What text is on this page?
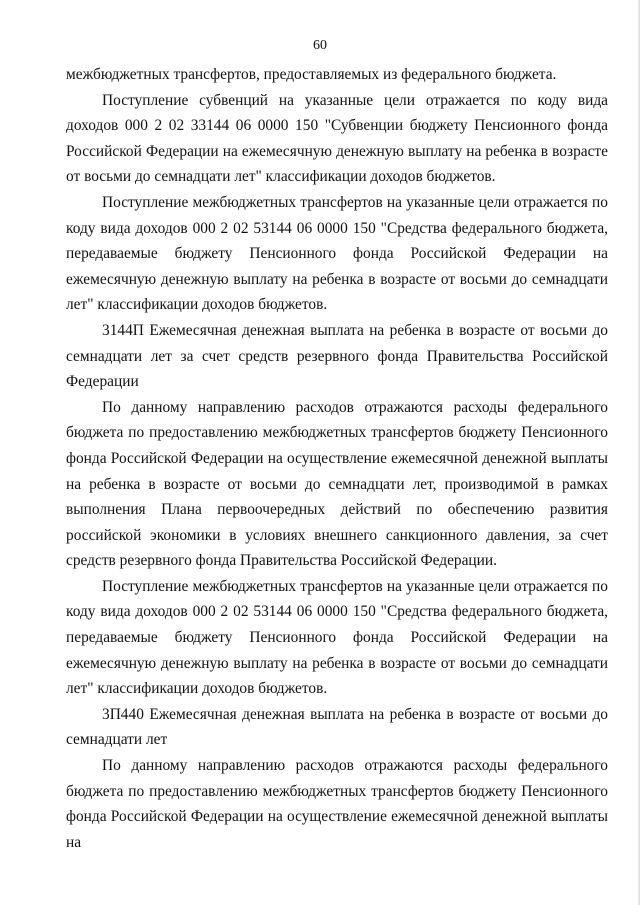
60

межбюджетных трансфертов, предоставляемых из федерального бюджета.

Поступление субвенций на указанные цели отражается по коду вида доходов 000 2 02 33144 06 0000 150 "Субвенции бюджету Пенсионного фонда Российской Федерации на ежемесячную денежную выплату на ребенка в возрасте от восьми до семнадцати лет" классификации доходов бюджетов.

Поступление межбюджетных трансфертов на указанные цели отражается по коду вида доходов 000 2 02 53144 06 0000 150 "Средства федерального бюджета, передаваемые бюджету Пенсионного фонда Российской Федерации на ежемесячную денежную выплату на ребенка в возрасте от восьми до семнадцати лет" классификации доходов бюджетов.

3144П Ежемесячная денежная выплата на ребенка в возрасте от восьми до семнадцати лет за счет средств резервного фонда Правительства Российской Федерации

По данному направлению расходов отражаются расходы федерального бюджета по предоставлению межбюджетных трансфертов бюджету Пенсионного фонда Российской Федерации на осуществление ежемесячной денежной выплаты на ребенка в возрасте от восьми до семнадцати лет, производимой в рамках выполнения Плана первоочередных действий по обеспечению развития российской экономики в условиях внешнего санкционного давления, за счет средств резервного фонда Правительства Российской Федерации.

Поступление межбюджетных трансфертов на указанные цели отражается по коду вида доходов 000 2 02 53144 06 0000 150 "Средства федерального бюджета, передаваемые бюджету Пенсионного фонда Российской Федерации на ежемесячную денежную выплату на ребенка в возрасте от восьми до семнадцати лет" классификации доходов бюджетов.

3П440 Ежемесячная денежная выплата на ребенка в возрасте от восьми до семнадцати лет

По данному направлению расходов отражаются расходы федерального бюджета по предоставлению межбюджетных трансфертов бюджету Пенсионного фонда Российской Федерации на осуществление ежемесячной денежной выплаты на
